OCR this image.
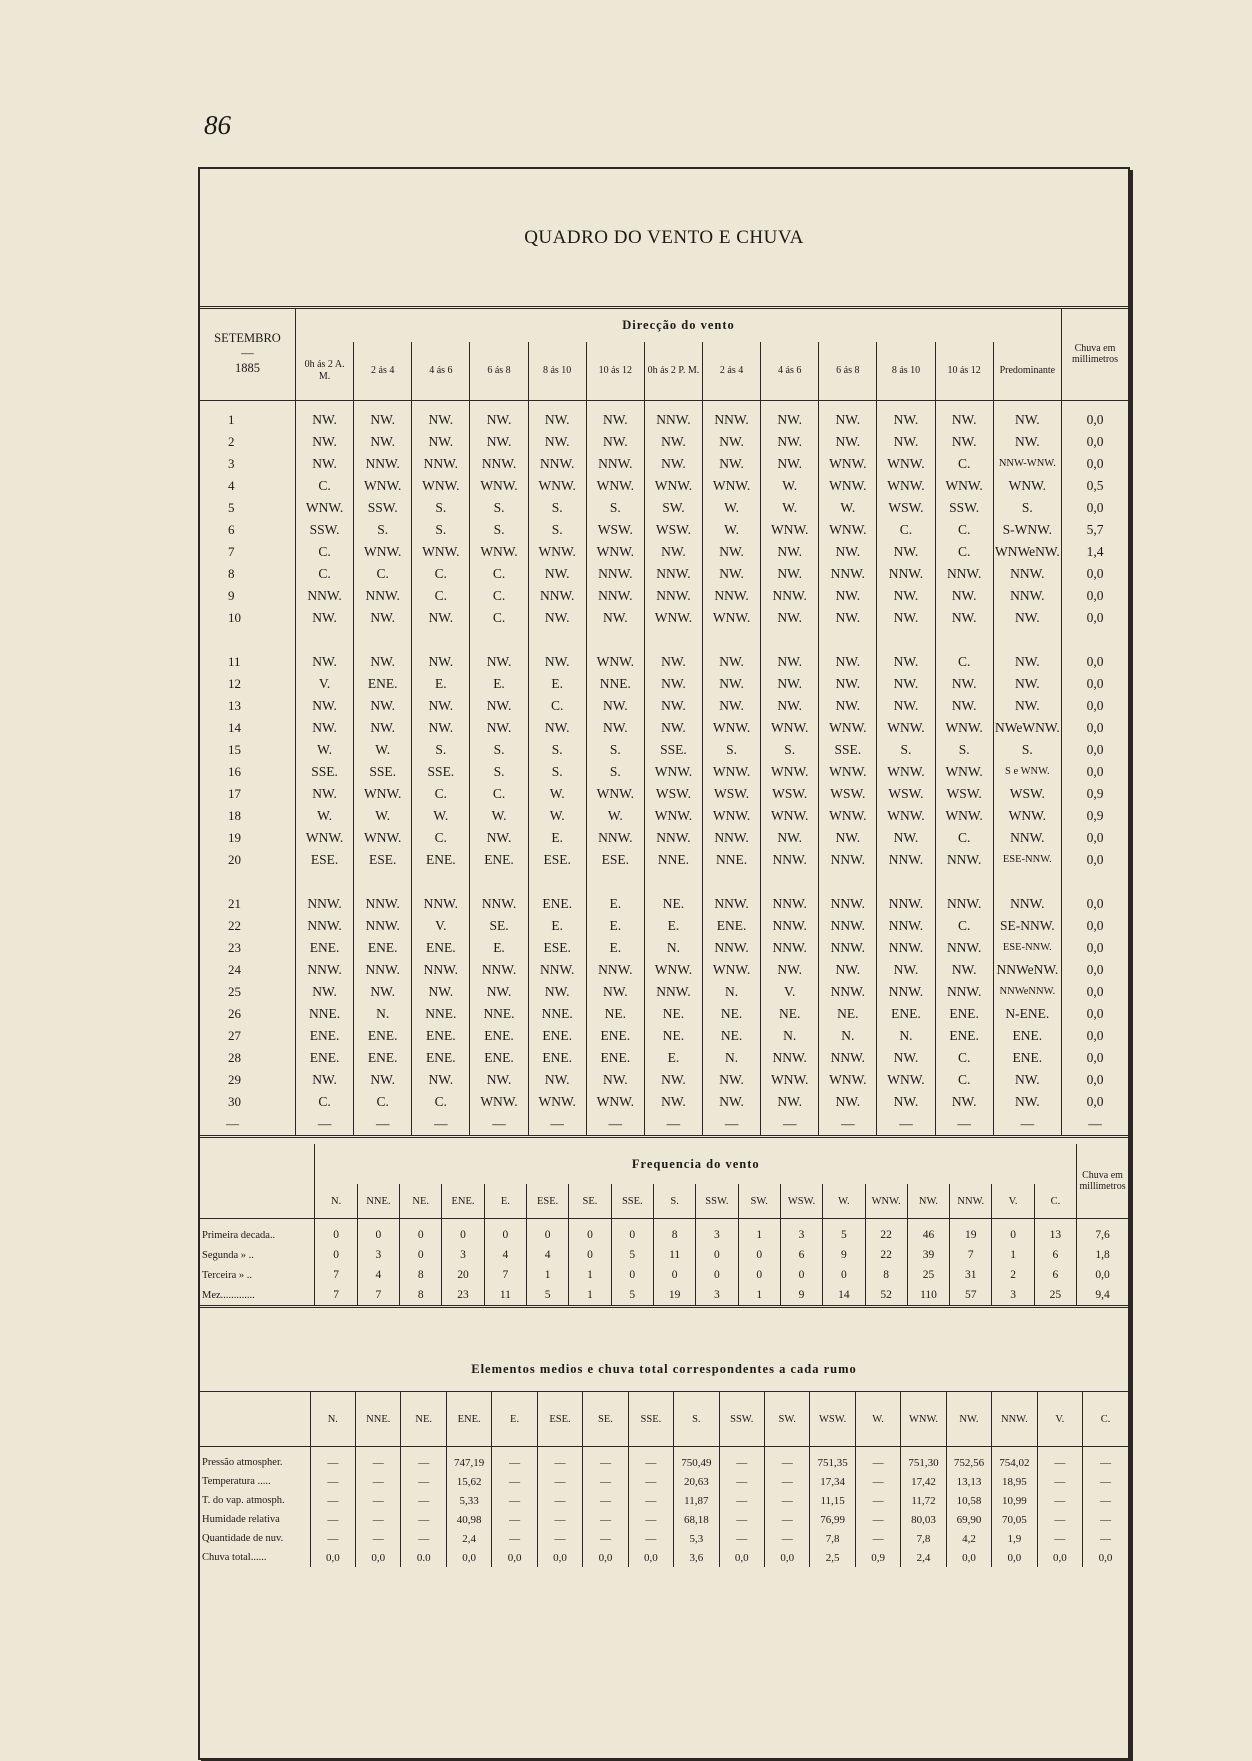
86
QUADRO DO VENTO E CHUVA
SETEMBRO
—
1885	Direcção do vento													Chuva em millimetros
	0h ás 2 A. M.	2 ás 4	4 ás 6	6 ás 8	8 ás 10	10 ás 12	0h ás 2 P. M.	2 ás 4	4 ás 6	6 ás 8	8 ás 10	10 ás 12	Predominante	

1	NW.	NW.	NW.	NW.	NW.	NW.	NNW.	NNW.	NW.	NW.	NW.	NW.	NW.	0,0
2	NW.	NW.	NW.	NW.	NW.	NW.	NW.	NW.	NW.	NW.	NW.	NW.	NW.	0,0
3	NW.	NNW.	NNW.	NNW.	NNW.	NNW.	NW.	NW.	NW.	WNW.	WNW.	C.	NNW-WNW.	0,0
4	C.	WNW.	WNW.	WNW.	WNW.	WNW.	WNW.	WNW.	W.	WNW.	WNW.	WNW.	WNW.	0,5
5	WNW.	SSW.	S.	S.	S.	S.	SW.	W.	W.	W.	WSW.	SSW.	S.	0,0
6	SSW.	S.	S.	S.	S.	WSW.	WSW.	W.	WNW.	WNW.	C.	C.	S-WNW.	5,7
7	C.	WNW.	WNW.	WNW.	WNW.	WNW.	NW.	NW.	NW.	NW.	NW.	C.	WNWeNW.	1,4
8	C.	C.	C.	C.	NW.	NNW.	NNW.	NW.	NW.	NNW.	NNW.	NNW.	NNW.	0,0
9	NNW.	NNW.	C.	C.	NNW.	NNW.	NNW.	NNW.	NNW.	NW.	NW.	NW.	NNW.	0,0
10	NW.	NW.	NW.	C.	NW.	NW.	WNW.	WNW.	NW.	NW.	NW.	NW.	NW.	0,0

11	NW.	NW.	NW.	NW.	NW.	WNW.	NW.	NW.	NW.	NW.	NW.	C.	NW.	0,0
12	V.	ENE.	E.	E.	E.	NNE.	NW.	NW.	NW.	NW.	NW.	NW.	NW.	0,0
13	NW.	NW.	NW.	NW.	C.	NW.	NW.	NW.	NW.	NW.	NW.	NW.	NW.	0,0
14	NW.	NW.	NW.	NW.	NW.	NW.	NW.	WNW.	WNW.	WNW.	WNW.	WNW.	NWeWNW.	0,0
15	W.	W.	S.	S.	S.	S.	SSE.	S.	S.	SSE.	S.	S.	S.	0,0
16	SSE.	SSE.	SSE.	S.	S.	S.	WNW.	WNW.	WNW.	WNW.	WNW.	WNW.	S e WNW.	0,0
17	NW.	WNW.	C.	C.	W.	WNW.	WSW.	WSW.	WSW.	WSW.	WSW.	WSW.	WSW.	0,9
18	W.	W.	W.	W.	W.	W.	WNW.	WNW.	WNW.	WNW.	WNW.	WNW.	WNW.	0,9
19	WNW.	WNW.	C.	NW.	E.	NNW.	NNW.	NNW.	NW.	NW.	NW.	C.	NNW.	0,0
20	ESE.	ESE.	ENE.	ENE.	ESE.	ESE.	NNE.	NNE.	NNW.	NNW.	NNW.	NNW.	ESE-NNW.	0,0

21	NNW.	NNW.	NNW.	NNW.	ENE.	E.	NE.	NNW.	NNW.	NNW.	NNW.	NNW.	NNW.	0,0
22	NNW.	NNW.	V.	SE.	E.	E.	E.	ENE.	NNW.	NNW.	NNW.	C.	SE-NNW.	0,0
23	ENE.	ENE.	ENE.	E.	ESE.	E.	N.	NNW.	NNW.	NNW.	NNW.	NNW.	ESE-NNW.	0,0
24	NNW.	NNW.	NNW.	NNW.	NNW.	NNW.	WNW.	WNW.	NW.	NW.	NW.	NW.	NNWeNW.	0,0
25	NW.	NW.	NW.	NW.	NW.	NW.	NNW.	N.	V.	NNW.	NNW.	NNW.	NNWeNNW.	0,0
26	NNE.	N.	NNE.	NNE.	NNE.	NE.	NE.	NE.	NE.	NE.	ENE.	ENE.	N-ENE.	0,0
27	ENE.	ENE.	ENE.	ENE.	ENE.	ENE.	NE.	NE.	N.	N.	N.	ENE.	ENE.	0,0
28	ENE.	ENE.	ENE.	ENE.	ENE.	ENE.	E.	N.	NNW.	NNW.	NW.	C.	ENE.	0,0
29	NW.	NW.	NW.	NW.	NW.	NW.	NW.	NW.	WNW.	WNW.	WNW.	C.	NW.	0,0
30	C.	C.	C.	WNW.	WNW.	WNW.	NW.	NW.	NW.	NW.	NW.	NW.	NW.	0,0
—	—	—	—	—	—	—	—	—	—	—	—	—	—	—
	Frequencia do vento																		Chuva em millimetros
	N.	NNE.	NE.	ENE.	E.	ESE.	SE.	SSE.	S.	SSW.	SW.	WSW.	W.	WNW.	NW.	NNW.	V.	C.	

Primeira decada..	0	0	0	0	0	0	0	0	8	3	1	3	5	22	46	19	0	13	7,6
Segunda » ..	0	3	0	3	4	4	0	5	11	0	0	6	9	22	39	7	1	6	1,8
Terceira » ..	7	4	8	20	7	1	1	0	0	0	0	0	0	8	25	31	2	6	0,0
Mez.............	7	7	8	23	11	5	1	5	19	3	1	9	14	52	110	57	3	25	9,4
Elementos medios e chuva total correspondentes a cada rumo																		
	N.	NNE.	NE.	ENE.	E.	ESE.	SE.	SSE.	S.	SSW.	SW.	WSW.	W.	WNW.	NW.	NNW.	V.	C.

Pressão atmospher.	—	—	—	747,19	—	—	—	—	750,49	—	—	751,35	—	751,30	752,56	754,02	—	—
Temperatura .....	—	—	—	15,62	—	—	—	—	20,63	—	—	17,34	—	17,42	13,13	18,95	—	—
T. do vap. atmosph.	—	—	—	5,33	—	—	—	—	11,87	—	—	11,15	—	11,72	10,58	10,99	—	—
Humidade relativa	—	—	—	40,98	—	—	—	—	68,18	—	—	76,99	—	80,03	69,90	70,05	—	—
Quantidade de nuv.	—	—	—	2,4	—	—	—	—	5,3	—	—	7,8	—	7,8	4,2	1,9	—	—
Chuva total......	0,0	0,0	0.0	0,0	0,0	0,0	0,0	0,0	3,6	0,0	0,0	2,5	0,9	2,4	0,0	0,0	0,0	0,0
